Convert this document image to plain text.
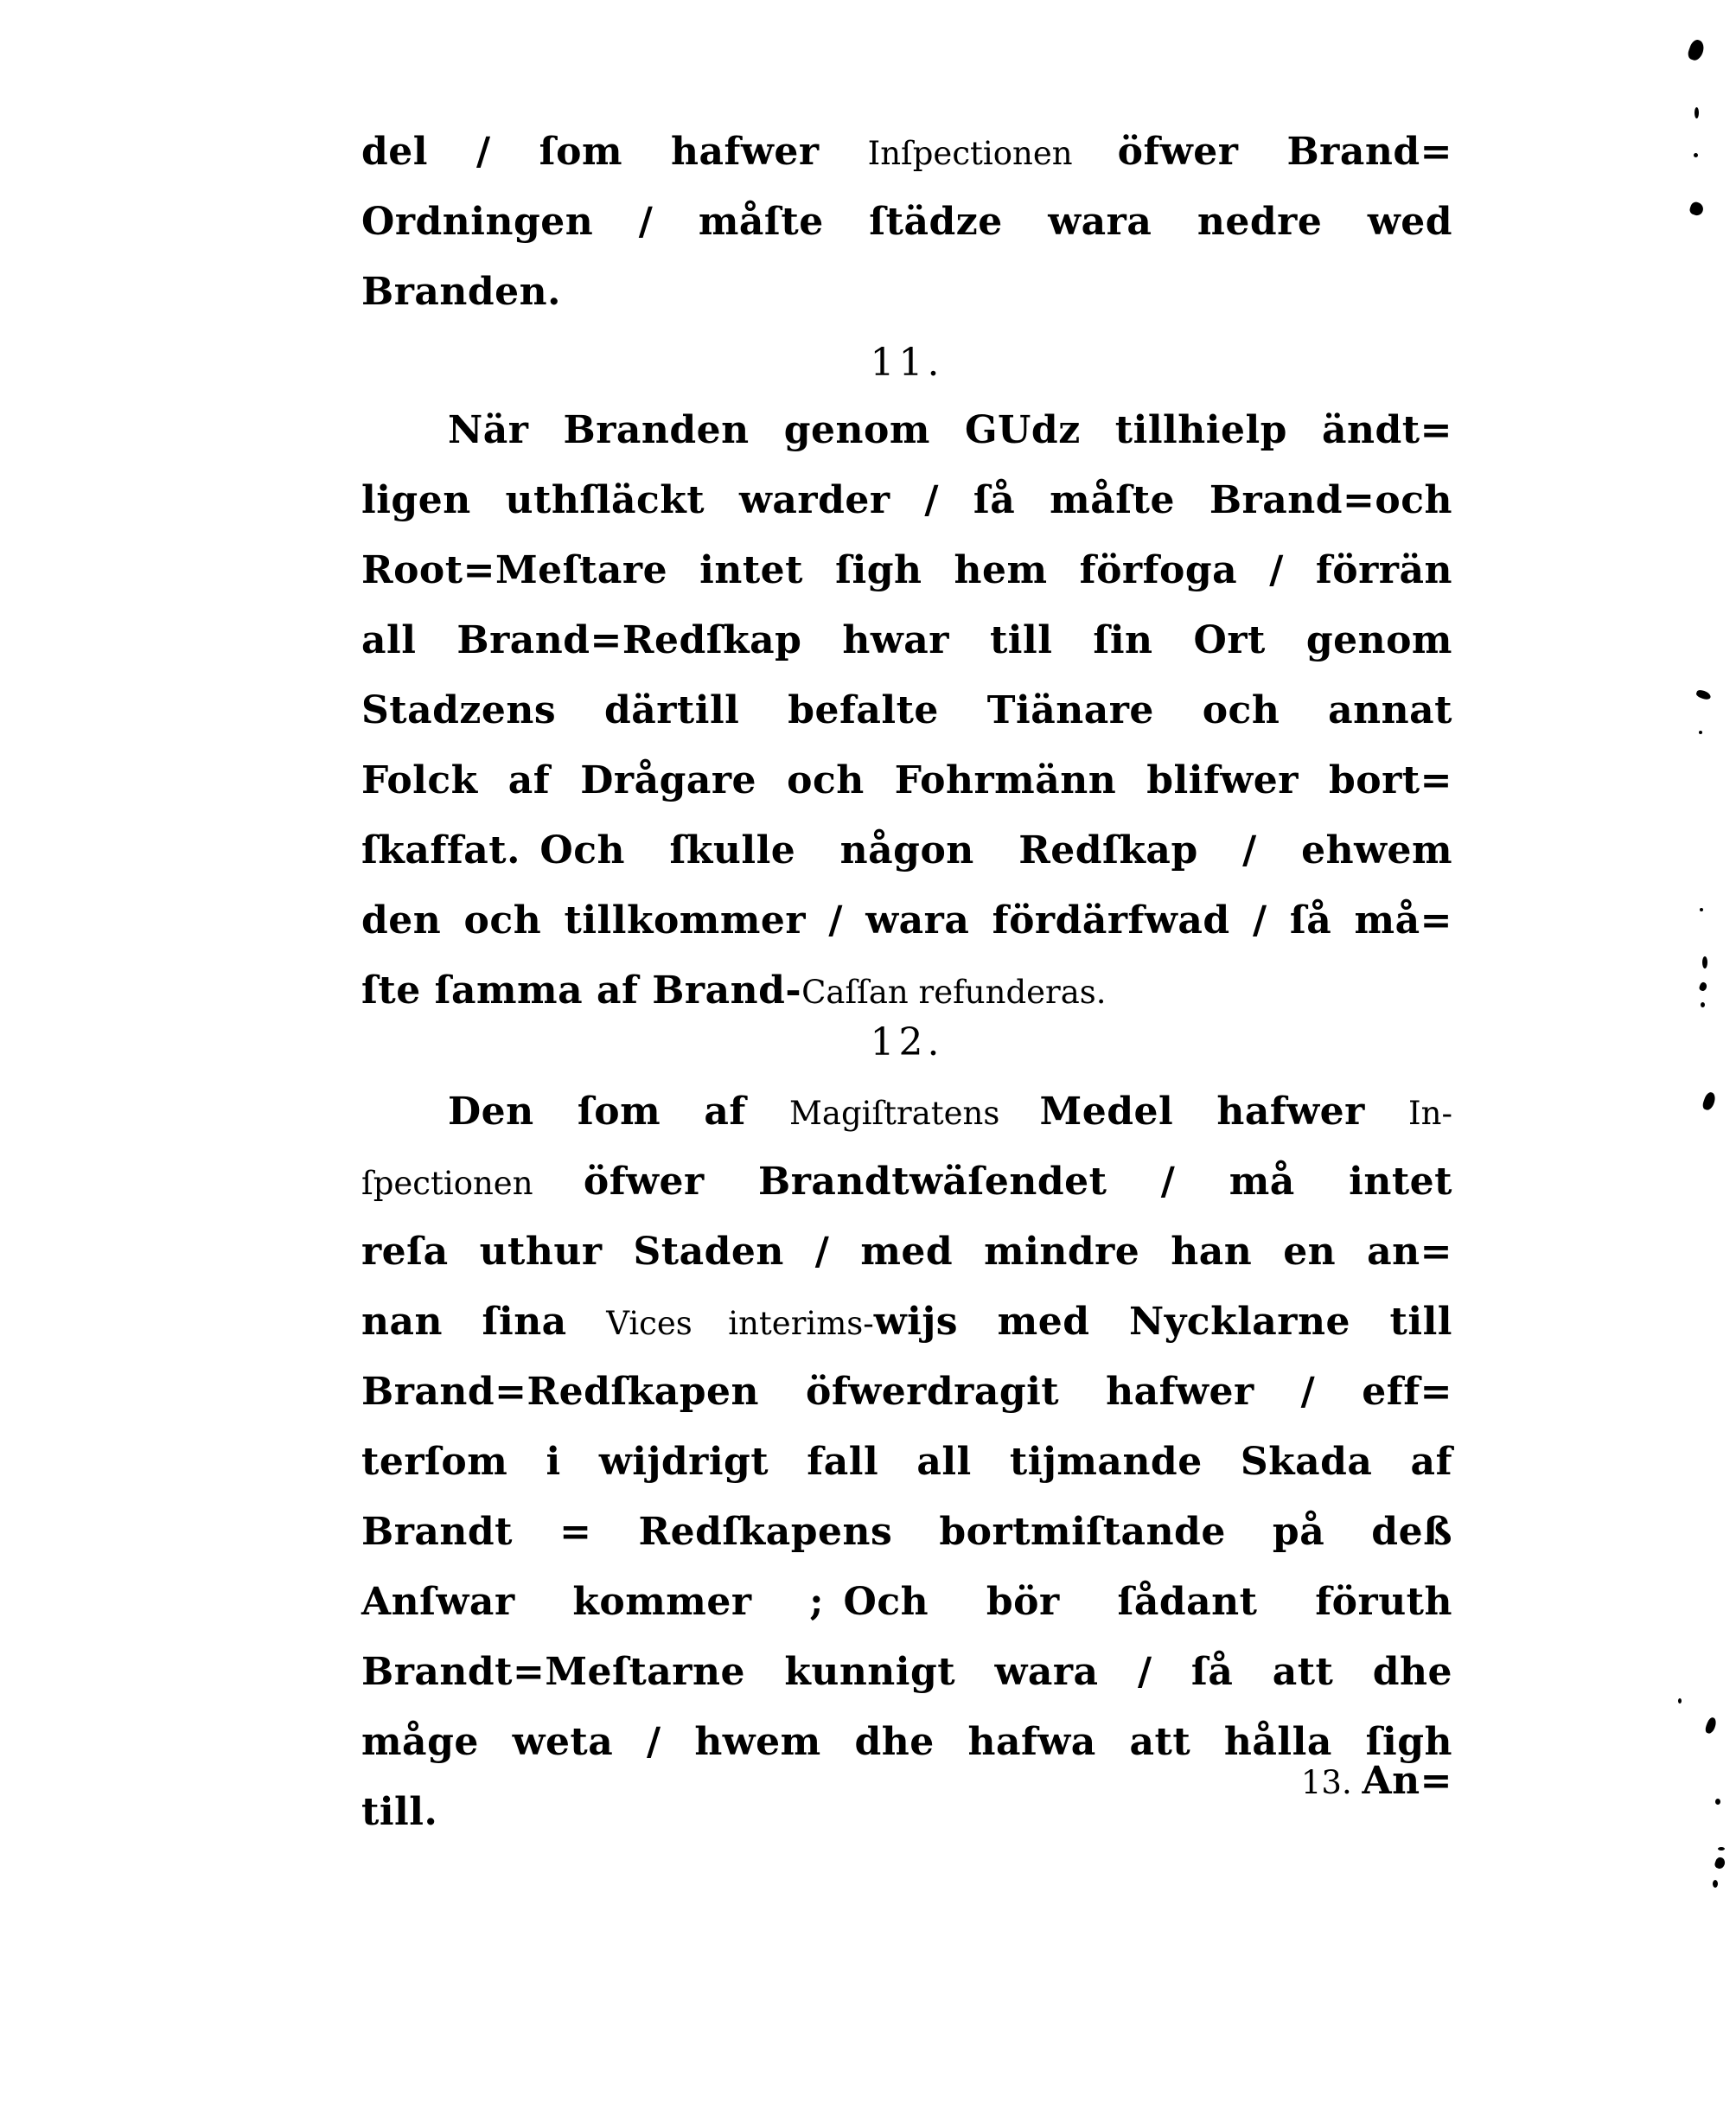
del / ſom hafwer Inſpectionen öfwer Brand=
Ordningen / måſte ſtädze wara nedre wed
Branden.
11.
När Branden genom GUdz tillhielp ändt=
ligen uthſläckt warder / ſå måſte Brand=och
Root=Meſtare intet ſigh hem förfoga / förrän
all Brand=Redſkap hwar till ſin Ort genom
Stadzens därtill befalte Tiänare och annat
Folck af Drågare och Fohrmänn blifwer bort=
ſkaffat. Och ſkulle någon Redſkap / ehwem
den och tillkommer / wara fördärfwad / ſå må=
ſte ſamma af Brand-Caſſan refunderas.
12.
Den ſom af Magiſtratens Medel hafwer In-
ſpectionen öfwer Brandtwäſendet / må intet
reſa uthur Staden / med mindre han en an=
nan ſina Vices interims-wijs med Nycklarne till
Brand=Redſkapen öfwerdragit hafwer / eff=
terſom i wijdrigt fall all tijmande Skada af
Brandt = Redſkapens bortmiſtande på deß
Anſwar kommer ; Och bör ſådant föruth
Brandt=Meſtarne kunnigt wara / ſå att dhe
måge weta / hwem dhe hafwa att hålla ſigh
till.
13. An=
